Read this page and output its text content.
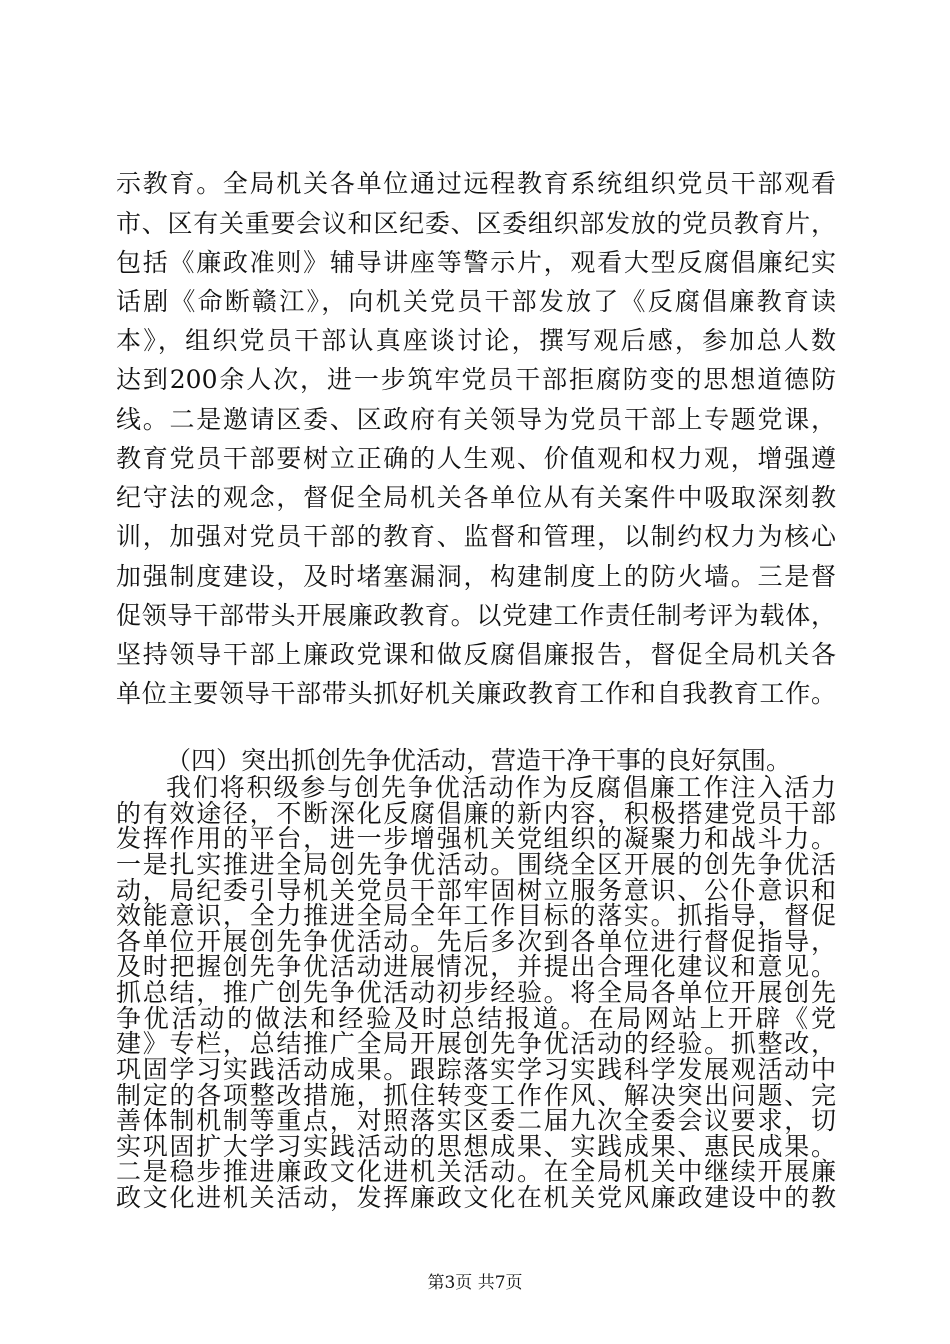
示教育。全局机关各单位通过远程教育系统组织党员干部观看
市、区有关重要会议和区纪委、区委组织部发放的党员教育片，
包括《廉政准则》辅导讲座等警示片，观看大型反腐倡廉纪实
话剧《命断赣江》，向机关党员干部发放了《反腐倡廉教育读
本》，组织党员干部认真座谈讨论，撰写观后感，参加总人数
达到200余人次，进一步筑牢党员干部拒腐防变的思想道德防
线。二是邀请区委、区政府有关领导为党员干部上专题党课，
教育党员干部要树立正确的人生观、价值观和权力观，增强遵
纪守法的观念，督促全局机关各单位从有关案件中吸取深刻教
训，加强对党员干部的教育、监督和管理，以制约权力为核心
加强制度建设，及时堵塞漏洞，构建制度上的防火墙。三是督
促领导干部带头开展廉政教育。以党建工作责任制考评为载体，
坚持领导干部上廉政党课和做反腐倡廉报告，督促全局机关各
单位主要领导干部带头抓好机关廉政教育工作和自我教育工作。
（四）突出抓创先争优活动，营造干净干事的良好氛围。
我们将积级参与创先争优活动作为反腐倡廉工作注入活力
的有效途径，不断深化反腐倡廉的新内容，积极搭建党员干部
发挥作用的平台，进一步增强机关党组织的凝聚力和战斗力。
一是扎实推进全局创先争优活动。围绕全区开展的创先争优活
动，局纪委引导机关党员干部牢固树立服务意识、公仆意识和
效能意识，全力推进全局全年工作目标的落实。抓指导，督促
各单位开展创先争优活动。先后多次到各单位进行督促指导，
及时把握创先争优活动进展情况，并提出合理化建议和意见。
抓总结，推广创先争优活动初步经验。将全局各单位开展创先
争优活动的做法和经验及时总结报道。在局网站上开辟《党
建》专栏，总结推广全局开展创先争优活动的经验。抓整改，
巩固学习实践活动成果。跟踪落实学习实践科学发展观活动中
制定的各项整改措施，抓住转变工作作风、解决突出问题、完
善体制机制等重点，对照落实区委二届九次全委会议要求，切
实巩固扩大学习实践活动的思想成果、实践成果、惠民成果。
二是稳步推进廉政文化进机关活动。在全局机关中继续开展廉
政文化进机关活动，发挥廉政文化在机关党风廉政建设中的教
第3页 共7页
